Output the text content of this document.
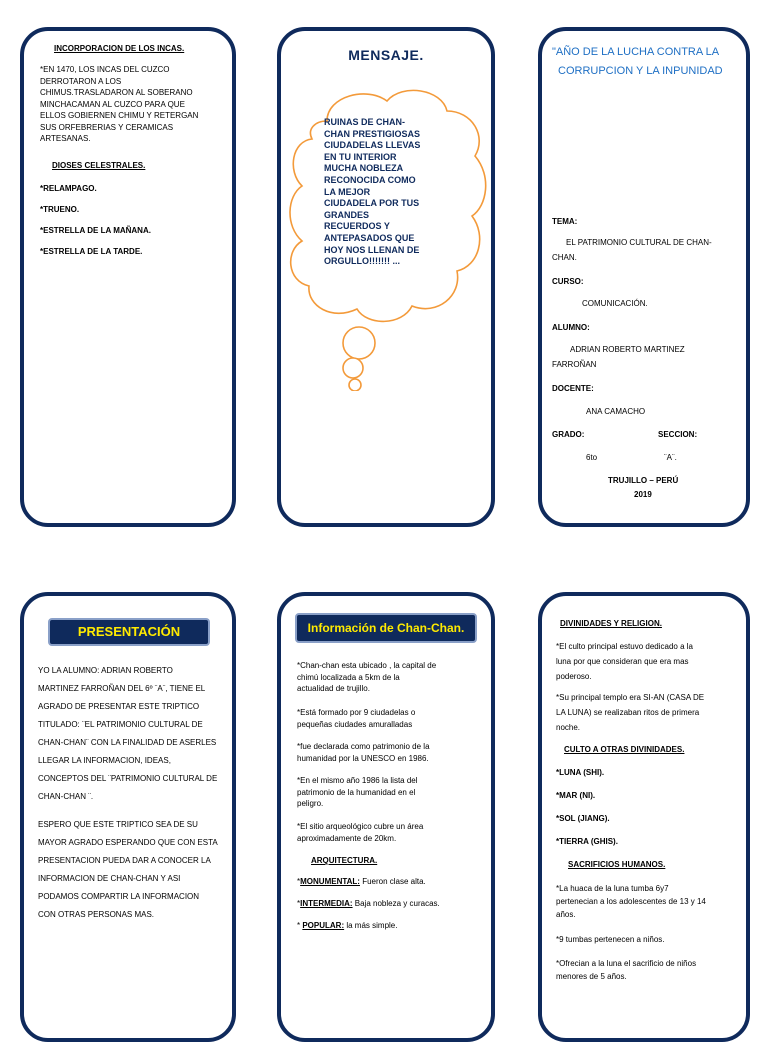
INCORPORACION DE LOS INCAS.
*EN 1470, LOS INCAS DEL CUZCO
DERROTARON A LOS
CHIMUS.TRASLADARON AL SOBERANO
MINCHACAMAN AL CUZCO PARA QUE
ELLOS GOBIERNEN CHIMU Y RETERGAN
SUS ORFEBRERIAS Y CERAMICAS
ARTESANAS.
DIOSES CELESTRALES.
*RELAMPAGO.
*TRUENO.
*ESTRELLA DE LA MAÑANA.
*ESTRELLA DE LA TARDE.
MENSAJE.
RUINAS DE CHAN-
CHAN PRESTIGIOSAS
CIUDADELAS LLEVAS
EN TU INTERIOR
MUCHA NOBLEZA
RECONOCIDA COMO
LA MEJOR
CIUDADELA POR TUS
GRANDES
RECUERDOS Y
ANTEPASADOS QUE
HOY NOS LLENAN DE
ORGULLO!!!!!!! ...
"AÑO DE LA LUCHA CONTRA LA
CORRUPCION Y LA INPUNIDAD
TEMA:
EL PATRIMONIO CULTURAL DE CHAN-
CHAN.
CURSO:
COMUNICACIÓN.
ALUMNO:
ADRIAN ROBERTO MARTINEZ
FARROÑAN
DOCENTE:
ANA CAMACHO
GRADO:	SECCION:
6to	¨A¨.
TRUJILLO – PERÚ
2019
PRESENTACIÓN
YO LA ALUMNO: ADRIAN ROBERTO
MARTINEZ FARROÑAN DEL 6º ¨A¨, TIENE EL
AGRADO DE PRESENTAR ESTE TRIPTICO
TITULADO: ¨EL PATRIMONIO CULTURAL DE
CHAN-CHAN¨ CON LA FINALIDAD DE ASERLES
LLEGAR LA INFORMACION, IDEAS,
CONCEPTOS DEL ¨PATRIMONIO CULTURAL DE
CHAN-CHAN ¨.
ESPERO QUE ESTE TRIPTICO SEA DE SU
MAYOR AGRADO ESPERANDO QUE CON ESTA
PRESENTACION PUEDA DAR A CONOCER LA
INFORMACION DE CHAN-CHAN Y ASI
PODAMOS COMPARTIR LA INFORMACION
CON OTRAS PERSONAS MAS.
Información de Chan-Chan.
*Chan-chan esta ubicado , la capital de
chimú localizada a 5km de la
actualidad de trujillo.
*Está formado por 9 ciudadelas o
pequeñas ciudades amuralladas
*fue declarada como patrimonio de la
humanidad por la UNESCO en 1986.
*En el mismo año 1986 la lista del
patrimonio de la humanidad en el
peligro.
*El sitio arqueológico cubre un área
aproximadamente de 20km.
ARQUITECTURA.
*MONUMENTAL: Fueron clase alta.
*INTERMEDIA: Baja nobleza y curacas.
* POPULAR: la más simple.
DIVINIDADES Y RELIGION.
*El culto principal estuvo dedicado a la
luna por que consideran que era mas
poderoso.
*Su principal templo era SI-AN (CASA DE
LA LUNA) se realizaban ritos de primera
noche.
CULTO A OTRAS DIVINIDADES.
*LUNA (SHI).
*MAR (NI).
*SOL (JIANG).
*TIERRA (GHIS).
SACRIFICIOS HUMANOS.
*La huaca de la luna tumba 6y7
pertenecian a los adolescentes de 13 y 14
años.
*9 tumbas pertenecen a niños.
*Ofrecian a la luna el sacrificio de niños
menores de 5 años.
